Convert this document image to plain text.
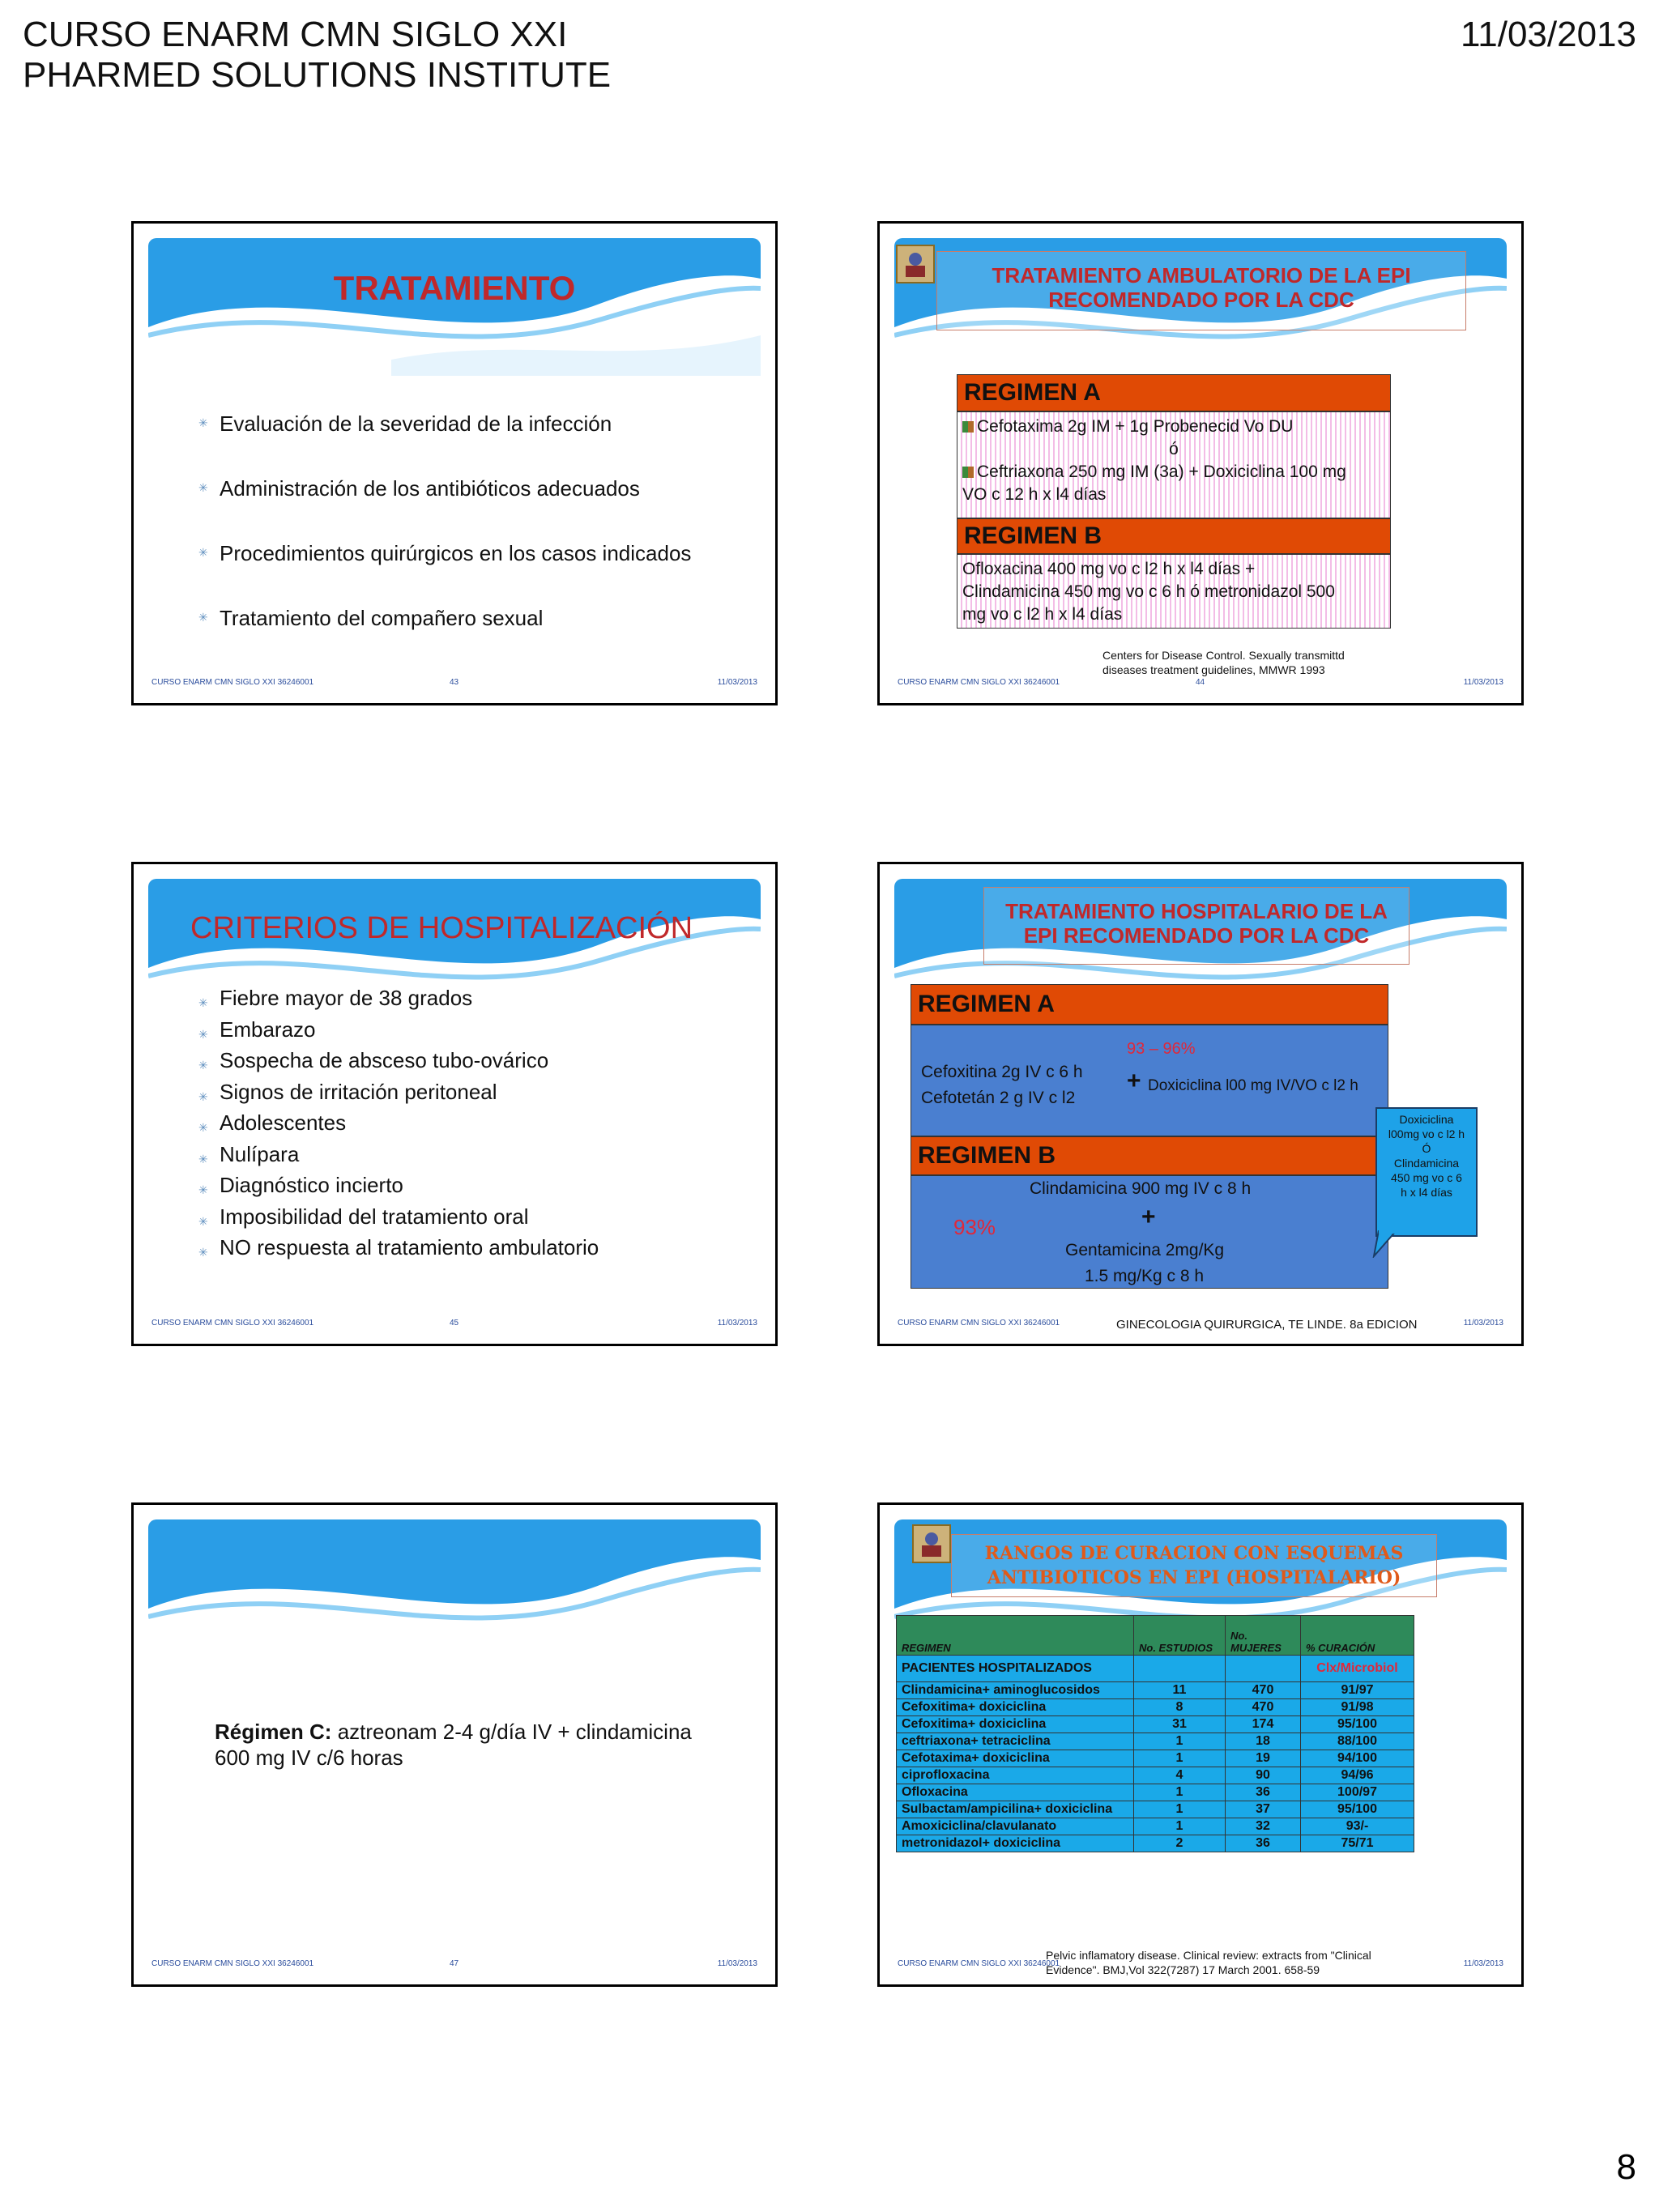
CURSO ENARM CMN SIGLO XXI
PHARMED SOLUTIONS INSTITUTE
11/03/2013
TRATAMIENTO
✳ Evaluación de la severidad de la infección
✳ Administración de los antibióticos adecuados
✳ Procedimientos quirúrgicos en los casos indicados
✳ Tratamiento del compañero sexual
CURSO ENARM CMN SIGLO XXI 36246001	43	11/03/2013
TRATAMIENTO AMBULATORIO DE LA EPI
RECOMENDADO POR LA CDC
REGIMEN A
Cefotaxima 2g IM + 1g Probenecid Vo DU
ó
Ceftriaxona 250 mg IM (3a) + Doxiciclina 100 mg
VO c 12 h x l4 días
REGIMEN B
Ofloxacina 400 mg vo c l2 h x l4 días +
Clindamicina 450 mg vo c 6 h ó metronidazol 500
mg vo c l2 h x l4 días
Centers for Disease Control. Sexually transmittd
diseases treatment guidelines, MMWR 1993
CURSO ENARM CMN SIGLO XXI 36246001	44	11/03/2013
CRITERIOS DE HOSPITALIZACIÓN
✳ Fiebre mayor de 38 grados
✳ Embarazo
✳ Sospecha de absceso tubo-ovárico
✳ Signos de irritación peritoneal
✳ Adolescentes
✳ Nulípara
✳ Diagnóstico incierto
✳ Imposibilidad del tratamiento oral
✳ NO respuesta al tratamiento ambulatorio
CURSO ENARM CMN SIGLO XXI 36246001	45	11/03/2013
TRATAMIENTO HOSPITALARIO DE LA
EPI RECOMENDADO POR LA CDC
REGIMEN A
93 – 96%
Cefoxitina 2g IV c 6 h
Cefotetán 2 g IV c l2
+ Doxiciclina l00 mg IV/VO c l2 h
REGIMEN B
Clindamicina 900 mg IV c 8 h
+
93%
Gentamicina 2mg/Kg
1.5 mg/Kg c 8 h
Doxiciclina
l00mg vo c l2 h
Ó
Clindamicina
450 mg vo c 6
h x l4 días
GINECOLOGIA QUIRURGICA, TE LINDE. 8a EDICION
CURSO ENARM CMN SIGLO XXI 36246001	11/03/2013
Régimen C: aztreonam 2-4 g/día IV + clindamicina
600 mg IV c/6 horas
CURSO ENARM CMN SIGLO XXI 36246001	47	11/03/2013
RANGOS DE CURACION CON ESQUEMAS
ANTIBIOTICOS EN EPI (HOSPITALARIO)
REGIMEN	No. ESTUDIOS	No. MUJERES	% CURACIÓN
PACIENTES HOSPITALIZADOS			Clx/Microbiol
Clindamicina+ aminoglucosidos	11	470	91/97
Cefoxitima+ doxiciclina	8	470	91/98
Cefoxitima+ doxiciclina	31	174	95/100
ceftriaxona+ tetraciclina	1	18	88/100
Cefotaxima+ doxiciclina	1	19	94/100
ciprofloxacina	4	90	94/96
Ofloxacina	1	36	100/97
Sulbactam/ampicilina+ doxiciclina	1	37	95/100
Amoxiciclina/clavulanato	1	32	93/-
metronidazol+ doxiciclina	2	36	75/71
Pelvic inflamatory disease. Clinical review: extracts from "Clinical
Evidence". BMJ,Vol 322(7287) 17 March 2001. 658-59
CURSO ENARM CMN SIGLO XXI 36246001	11/03/2013
8
